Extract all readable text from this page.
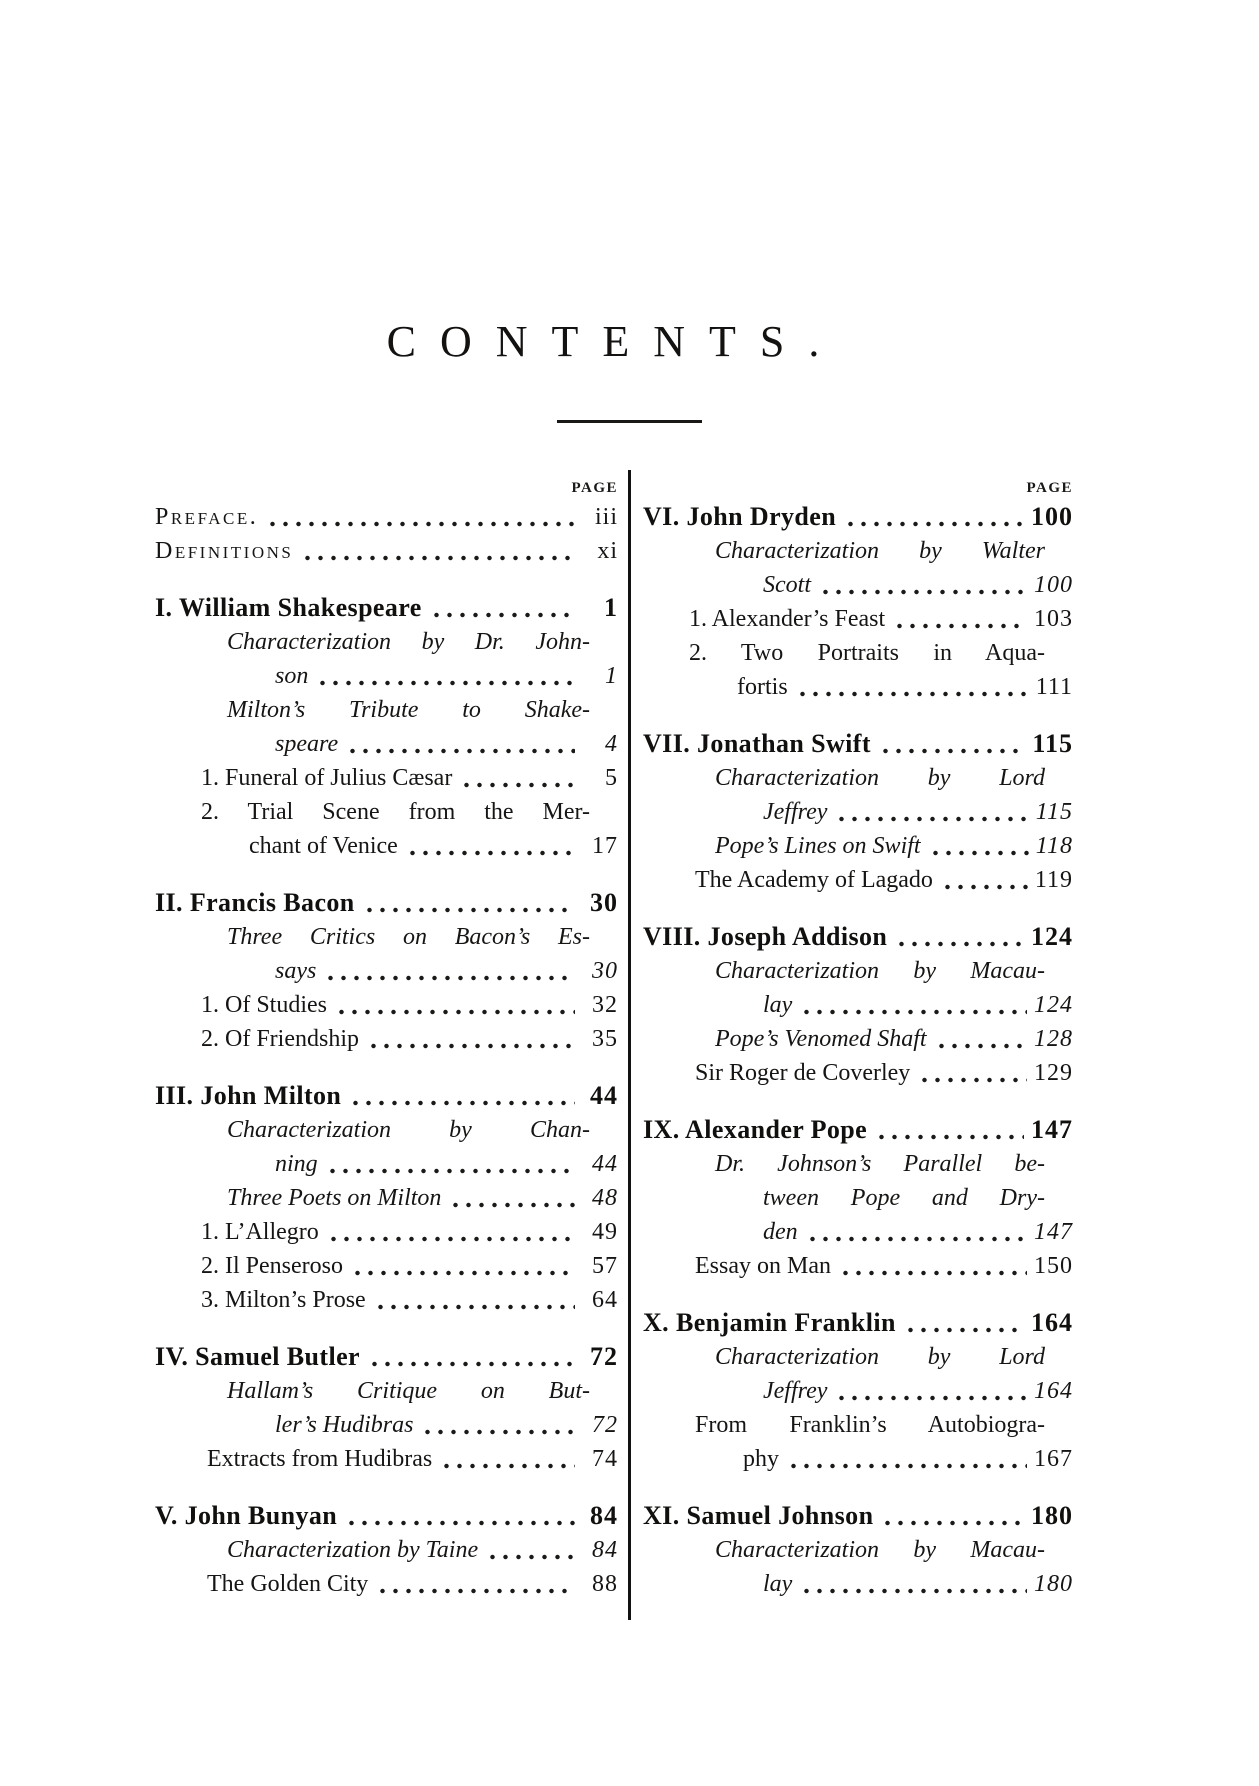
CONTENTS.
PAGE
Preface.	iii
Definitions	xi
I. William Shakespeare	1
Characterization by Dr. John-
son	1
Milton’s Tribute to Shake-
speare	4
1. Funeral of Julius Cæsar	5
2. Trial Scene from the Mer-
chant of Venice	17
II. Francis Bacon	30
Three Critics on Bacon’s Es-
says	30
1. Of Studies	32
2. Of Friendship	35
III. John Milton	44
Characterization by Chan-
ning	44
Three Poets on Milton	48
1. L’Allegro	49
2. Il Penseroso	57
3. Milton’s Prose	64
IV. Samuel Butler	72
Hallam’s Critique on But-
ler’s Hudibras	72
Extracts from Hudibras	74
V. John Bunyan	84
Characterization by Taine	84
The Golden City	88
PAGE
VI. John Dryden	100
Characterization by Walter
Scott	100
1. Alexander’s Feast	103
2. Two Portraits in Aqua-
fortis	111
VII. Jonathan Swift	115
Characterization by Lord
Jeffrey	115
Pope’s Lines on Swift	118
The Academy of Lagado	119
VIII. Joseph Addison	124
Characterization by Macau-
lay	124
Pope’s Venomed Shaft	128
Sir Roger de Coverley	129
IX. Alexander Pope	147
Dr. Johnson’s Parallel be-
tween Pope and Dry-
den	147
Essay on Man	150
X. Benjamin Franklin	164
Characterization by Lord
Jeffrey	164
From Franklin’s Autobiogra-
phy	167
XI. Samuel Johnson	180
Characterization by Macau-
lay	180
